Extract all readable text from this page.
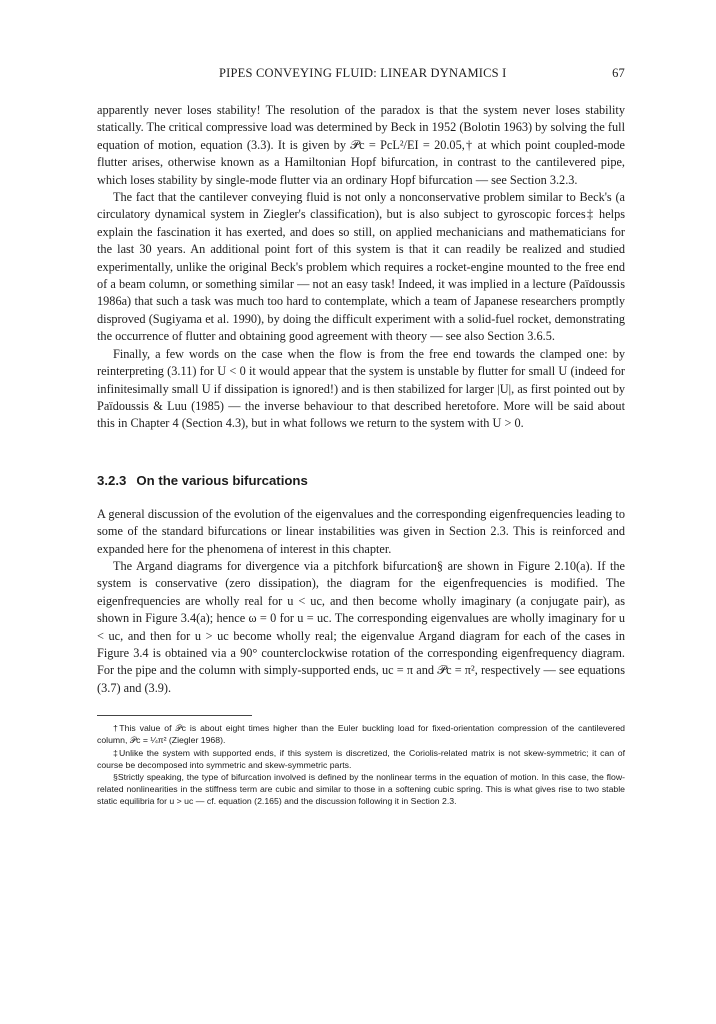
PIPES CONVEYING FLUID: LINEAR DYNAMICS I	67

apparently never loses stability! The resolution of the paradox is that the system never loses stability statically. The critical compressive load was determined by Beck in 1952 (Bolotin 1963) by solving the full equation of motion, equation (3.3). It is given by 𝒫c = PcL²/EI = 20.05,† at which point coupled-mode flutter arises, otherwise known as a Hamiltonian Hopf bifurcation, in contrast to the cantilevered pipe, which loses stability by single-mode flutter via an ordinary Hopf bifurcation — see Section 3.2.3.

The fact that the cantilever conveying fluid is not only a nonconservative problem similar to Beck's (a circulatory dynamical system in Ziegler's classification), but is also subject to gyroscopic forces‡ helps explain the fascination it has exerted, and does so still, on applied mechanicians and mathematicians for the last 30 years. An additional point fort of this system is that it can readily be realized and studied experimentally, unlike the original Beck's problem which requires a rocket-engine mounted to the free end of a beam column, or something similar — not an easy task! Indeed, it was implied in a lecture (Païdoussis 1986a) that such a task was much too hard to contemplate, which a team of Japanese researchers promptly disproved (Sugiyama et al. 1990), by doing the difficult experiment with a solid-fuel rocket, demonstrating the occurrence of flutter and obtaining good agreement with theory — see also Section 3.6.5.

Finally, a few words on the case when the flow is from the free end towards the clamped one: by reinterpreting (3.11) for U < 0 it would appear that the system is unstable by flutter for small U (indeed for infinitesimally small U if dissipation is ignored!) and is then stabilized for larger |U|, as first pointed out by Païdoussis & Luu (1985) — the inverse behaviour to that described heretofore. More will be said about this in Chapter 4 (Section 4.3), but in what follows we return to the system with U > 0.

3.2.3 On the various bifurcations

A general discussion of the evolution of the eigenvalues and the corresponding eigenfrequencies leading to some of the standard bifurcations or linear instabilities was given in Section 2.3. This is reinforced and expanded here for the phenomena of interest in this chapter.

The Argand diagrams for divergence via a pitchfork bifurcation§ are shown in Figure 2.10(a). If the system is conservative (zero dissipation), the diagram for the eigenfrequencies is modified. The eigenfrequencies are wholly real for u < uc, and then become wholly imaginary (a conjugate pair), as shown in Figure 3.4(a); hence ω = 0 for u = uc. The corresponding eigenvalues are wholly imaginary for u < uc, and then for u > uc become wholly real; the eigenvalue Argand diagram for each of the cases in Figure 3.4 is obtained via a 90° counterclockwise rotation of the corresponding eigenfrequency diagram. For the pipe and the column with simply-supported ends, uc = π and 𝒫c = π², respectively — see equations (3.7) and (3.9).

†This value of 𝒫c is about eight times higher than the Euler buckling load for fixed-orientation compression of the cantilevered column, 𝒫c = ¼π² (Ziegler 1968).

‡Unlike the system with supported ends, if this system is discretized, the Coriolis-related matrix is not skew-symmetric; it can of course be decomposed into symmetric and skew-symmetric parts.

§Strictly speaking, the type of bifurcation involved is defined by the nonlinear terms in the equation of motion. In this case, the flow-related nonlinearities in the stiffness term are cubic and similar to those in a softening cubic spring. This is what gives rise to two stable static equilibria for u > uc — cf. equation (2.165) and the discussion following it in Section 2.3.
